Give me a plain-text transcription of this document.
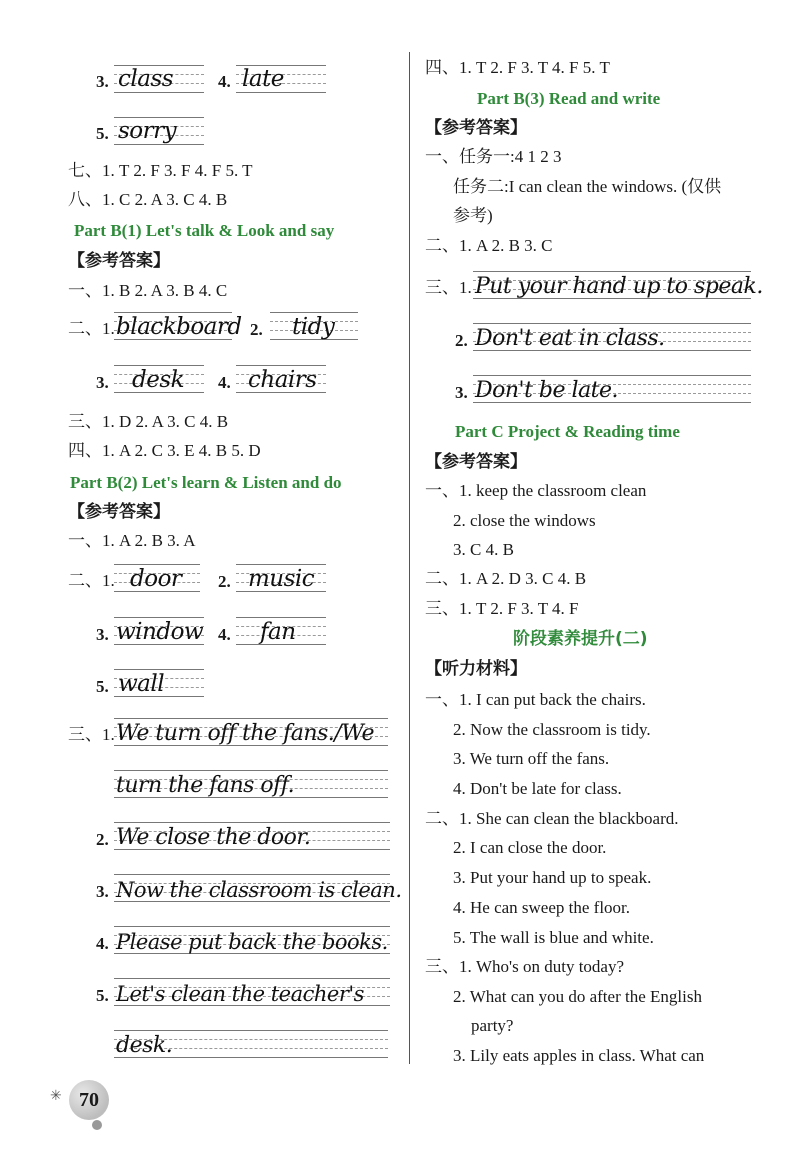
3. class	4. late
5. sorry
七、1. T 2. F 3. F 4. F 5. T
八、1. C 2. A 3. C 4. B
Part B(1) Let's talk & Look and say
【参考答案】
一、1. B 2. A 3. B 4. C
二、1. blackboard 2. tidy
3. desk 4. chairs
三、1. D 2. A 3. C 4. B
四、1. A 2. C 3. E 4. B 5. D
Part B(2) Let's learn & Listen and do
【参考答案】
一、1. A 2. B 3. A
二、1. door 2. music
3. window 4. fan
5. wall
三、1. We turn off the fans./We
turn the fans off.
2. We close the door.
3. Now the classroom is clean.
4. Please put back the books.
5. Let's clean the teacher's
desk.
✳ 70
四、1. T 2. F 3. T 4. F 5. T
Part B(3) Read and write
【参考答案】
一、任务一:4 1 2 3
任务二:I can clean the windows. (仅供
参考)
二、1. A 2. B 3. C
三、1. Put your hand up to speak.
2. Don't eat in class.
3. Don't be late.
Part C Project & Reading time
【参考答案】
一、1. keep the classroom clean
2. close the windows
3. C 4. B
二、1. A 2. D 3. C 4. B
三、1. T 2. F 3. T 4. F
阶段素养提升(二)
【听力材料】
一、1. I can put back the chairs.
2. Now the classroom is tidy.
3. We turn off the fans.
4. Don't be late for class.
二、1. She can clean the blackboard.
2. I can close the door.
3. Put your hand up to speak.
4. He can sweep the floor.
5. The wall is blue and white.
三、1. Who's on duty today?
2. What can you do after the English
party?
3. Lily eats apples in class. What can
